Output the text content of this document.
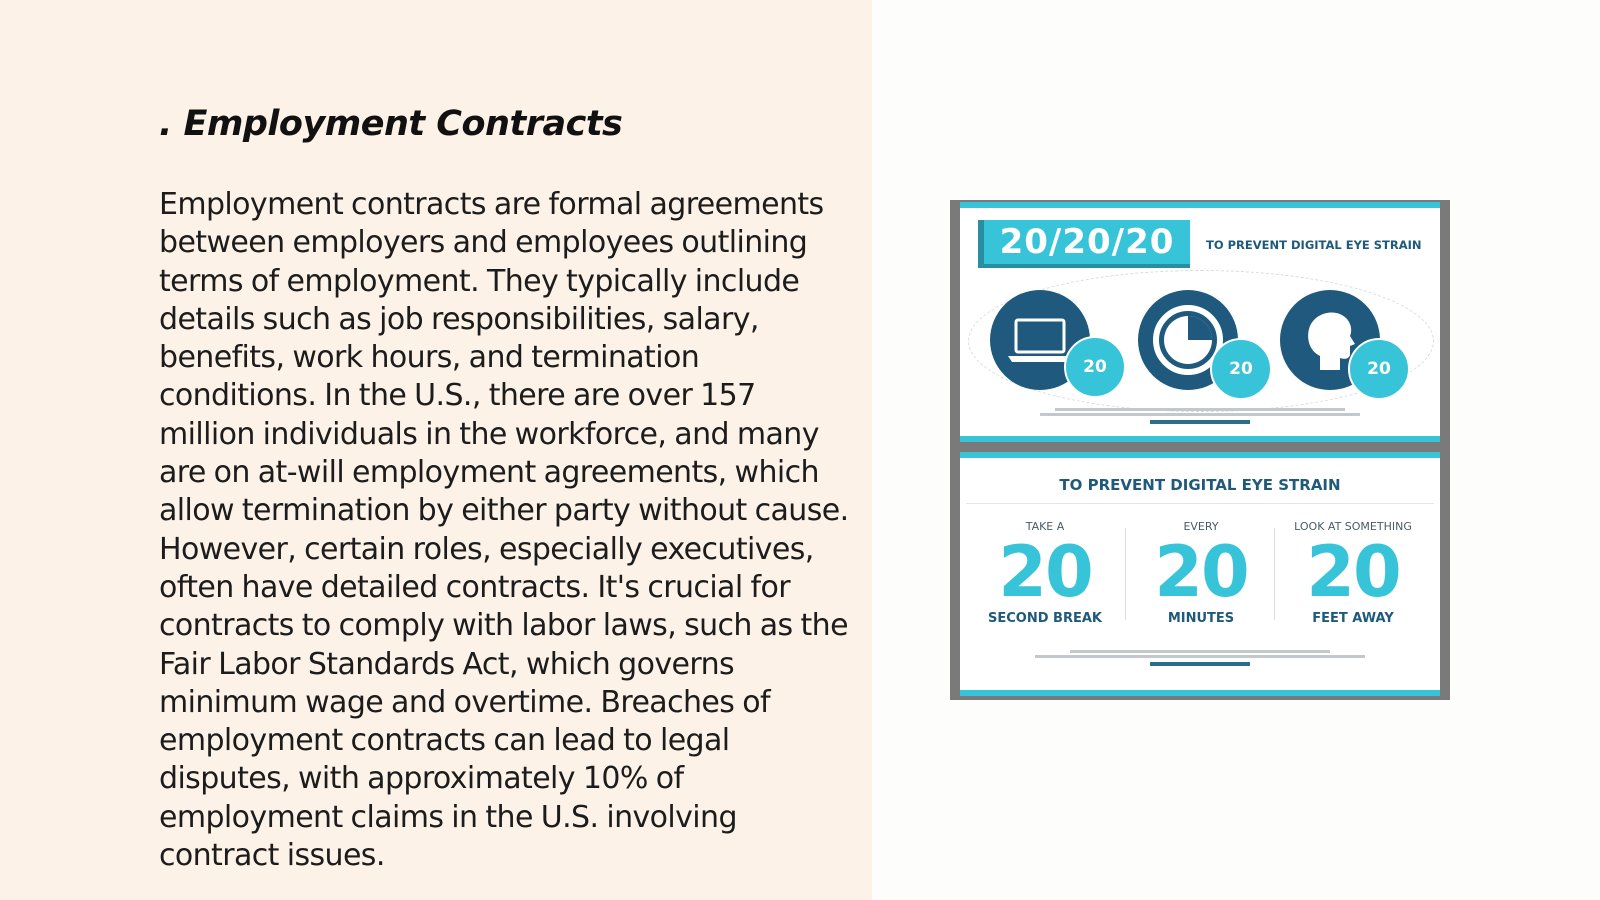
. Employment Contracts

Employment contracts are formal agreements between employers and employees outlining terms of employment. They typically include details such as job responsibilities, salary, benefits, work hours, and termination conditions. In the U.S., there are over 157 million individuals in the workforce, and many are on at-will employment agreements, which allow termination by either party without cause. However, certain roles, especially executives, often have detailed contracts. It's crucial for contracts to comply with labor laws, such as the Fair Labor Standards Act, which governs minimum wage and overtime. Breaches of employment contracts can lead to legal disputes, with approximately 10% of employment claims in the U.S. involving contract issues.

20/20/20	TO PREVENT DIGITAL EYE STRAIN
20	20	20
TO PREVENT DIGITAL EYE STRAIN
TAKE A
20
SECOND BREAK
EVERY
20
MINUTES
LOOK AT SOMETHING
20
FEET AWAY
